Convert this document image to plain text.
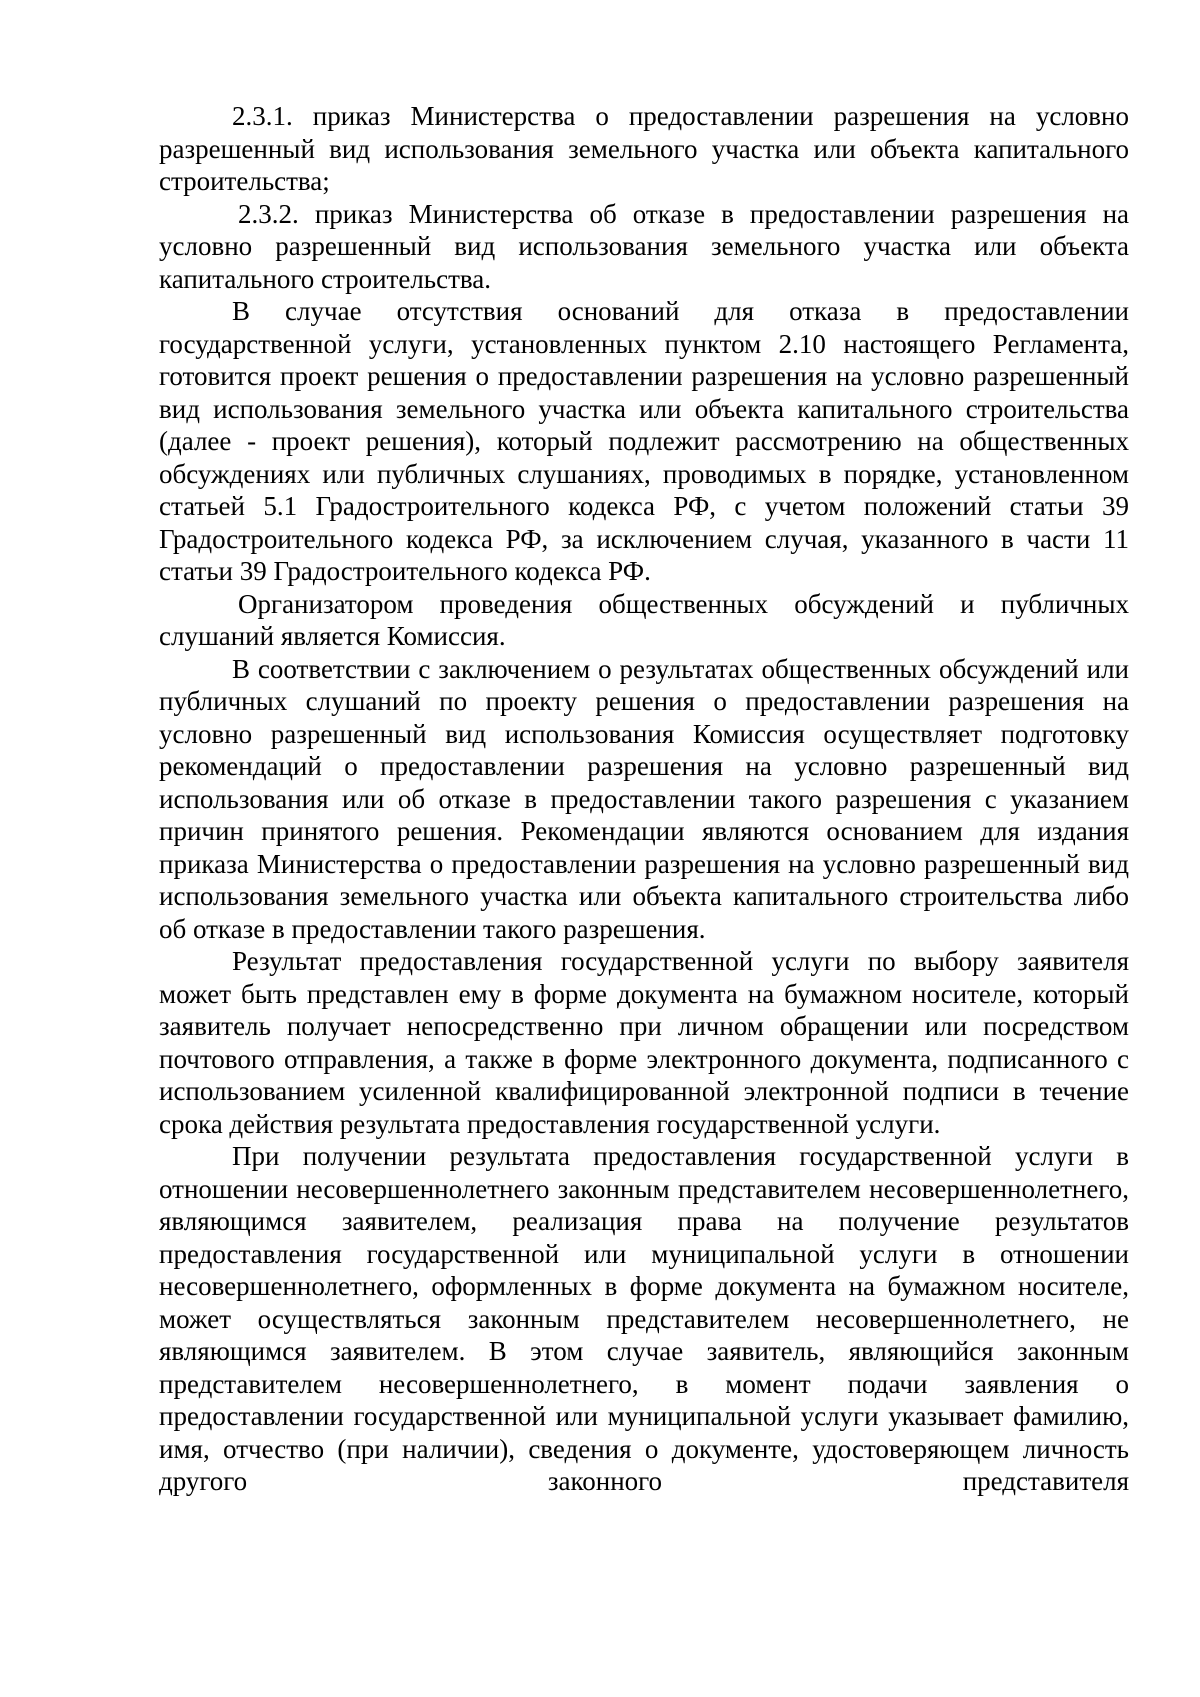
2.3.1. приказ Министерства о предоставлении разрешения на условно разрешенный вид использования земельного участка или объекта капитального строительства;

2.3.2. приказ Министерства об отказе в предоставлении разрешения на условно разрешенный вид использования земельного участка или объекта капитального строительства.

В случае отсутствия оснований для отказа в предоставлении государственной услуги, установленных пунктом 2.10 настоящего Регламента, готовится проект решения о предоставлении разрешения на условно разрешенный вид использования земельного участка или объекта капитального строительства (далее - проект решения), который подлежит рассмотрению на общественных обсуждениях или публичных слушаниях, проводимых в порядке, установленном статьей 5.1 Градостроительного кодекса РФ, с учетом положений статьи 39 Градостроительного кодекса РФ, за исключением случая, указанного в части 11 статьи 39 Градостроительного кодекса РФ.

Организатором проведения общественных обсуждений и публичных слушаний является Комиссия.

В соответствии с заключением о результатах общественных обсуждений или публичных слушаний по проекту решения о предоставлении разрешения на условно разрешенный вид использования Комиссия осуществляет подготовку рекомендаций о предоставлении разрешения на условно разрешенный вид использования или об отказе в предоставлении такого разрешения с указанием причин принятого решения. Рекомендации являются основанием для издания приказа Министерства о предоставлении разрешения на условно разрешенный вид использования земельного участка или объекта капитального строительства либо об отказе в предоставлении такого разрешения.

Результат предоставления государственной услуги по выбору заявителя может быть представлен ему в форме документа на бумажном носителе, который заявитель получает непосредственно при личном обращении или посредством почтового отправления, а также в форме электронного документа, подписанного с использованием усиленной квалифицированной электронной подписи в течение срока действия результата предоставления государственной услуги.

При получении результата предоставления государственной услуги в отношении несовершеннолетнего законным представителем несовершеннолетнего, являющимся заявителем, реализация права на получение результатов предоставления государственной или муниципальной услуги в отношении несовершеннолетнего, оформленных в форме документа на бумажном носителе, может осуществляться законным представителем несовершеннолетнего, не являющимся заявителем. В этом случае заявитель, являющийся законным представителем несовершеннолетнего, в момент подачи заявления о предоставлении государственной или муниципальной услуги указывает фамилию, имя, отчество (при наличии), сведения о документе, удостоверяющем личность другого законного представителя
